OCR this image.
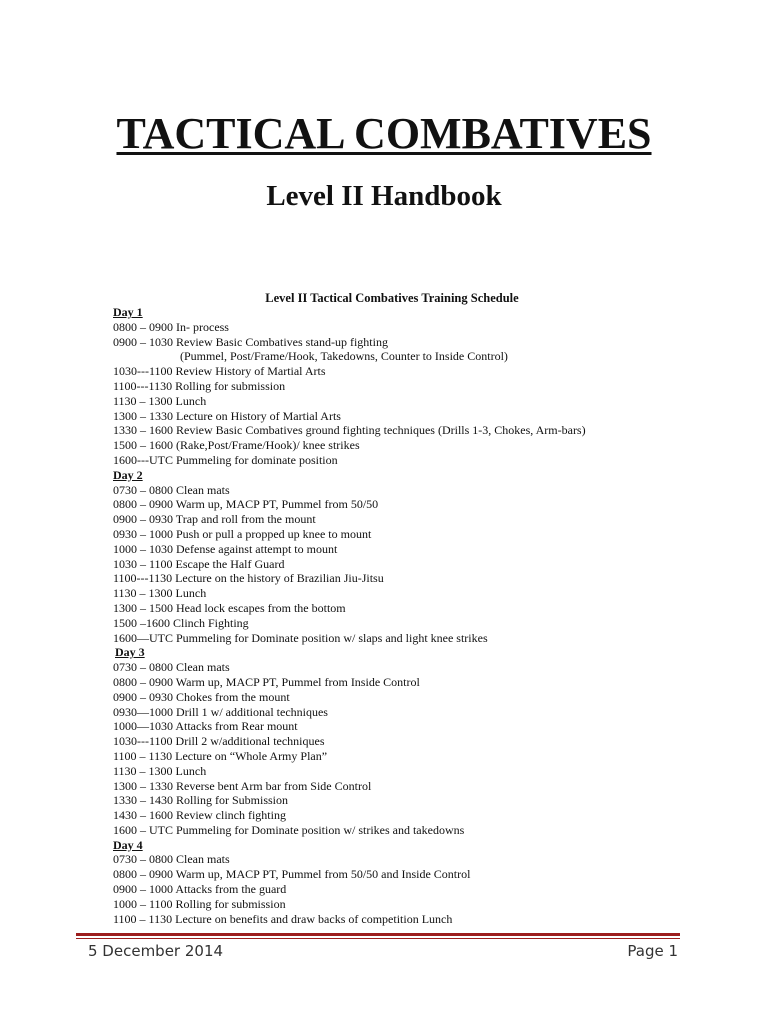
TACTICAL COMBATIVES
Level II Handbook
Level II Tactical Combatives Training Schedule
Day 1
0800 – 0900 In- process
0900 – 1030 Review Basic Combatives stand-up fighting
(Pummel, Post/Frame/Hook, Takedowns, Counter to Inside Control)
1030---1100 Review History of Martial Arts
1100---1130 Rolling for submission
1130 – 1300 Lunch
1300 – 1330 Lecture on History of Martial Arts
1330 – 1600 Review Basic Combatives ground fighting techniques (Drills 1-3, Chokes, Arm-bars)
1500 – 1600 (Rake,Post/Frame/Hook)/ knee strikes
1600---UTC Pummeling for dominate position
Day 2
0730 – 0800 Clean mats
0800 – 0900 Warm up, MACP PT, Pummel from 50/50
0900 – 0930 Trap and roll from the mount
0930 – 1000 Push or pull a propped up knee to mount
1000 – 1030 Defense against attempt to mount
1030 – 1100 Escape the Half Guard
1100---1130 Lecture on the history of Brazilian Jiu-Jitsu
1130 – 1300 Lunch
1300 – 1500 Head lock escapes from the bottom
1500 –1600 Clinch Fighting
1600—UTC Pummeling for Dominate position w/ slaps and light knee strikes
Day 3
0730 – 0800 Clean mats
0800 – 0900 Warm up, MACP PT, Pummel from Inside Control
0900 – 0930 Chokes from the mount
0930—1000 Drill 1 w/ additional techniques
1000—1030 Attacks from Rear mount
1030---1100 Drill 2 w/additional techniques
1100 – 1130 Lecture on “Whole Army Plan”
1130 – 1300 Lunch
1300 – 1330 Reverse bent Arm bar from Side Control
1330 – 1430 Rolling for Submission
1430 – 1600 Review clinch fighting
1600 – UTC Pummeling for Dominate position w/ strikes and takedowns
Day 4
0730 – 0800 Clean mats
0800 – 0900 Warm up, MACP PT, Pummel from 50/50 and Inside Control
0900 – 1000 Attacks from the guard
1000 – 1100 Rolling for submission
1100 – 1130 Lecture on benefits and draw backs of competition Lunch
5 December 2014	Page 1
